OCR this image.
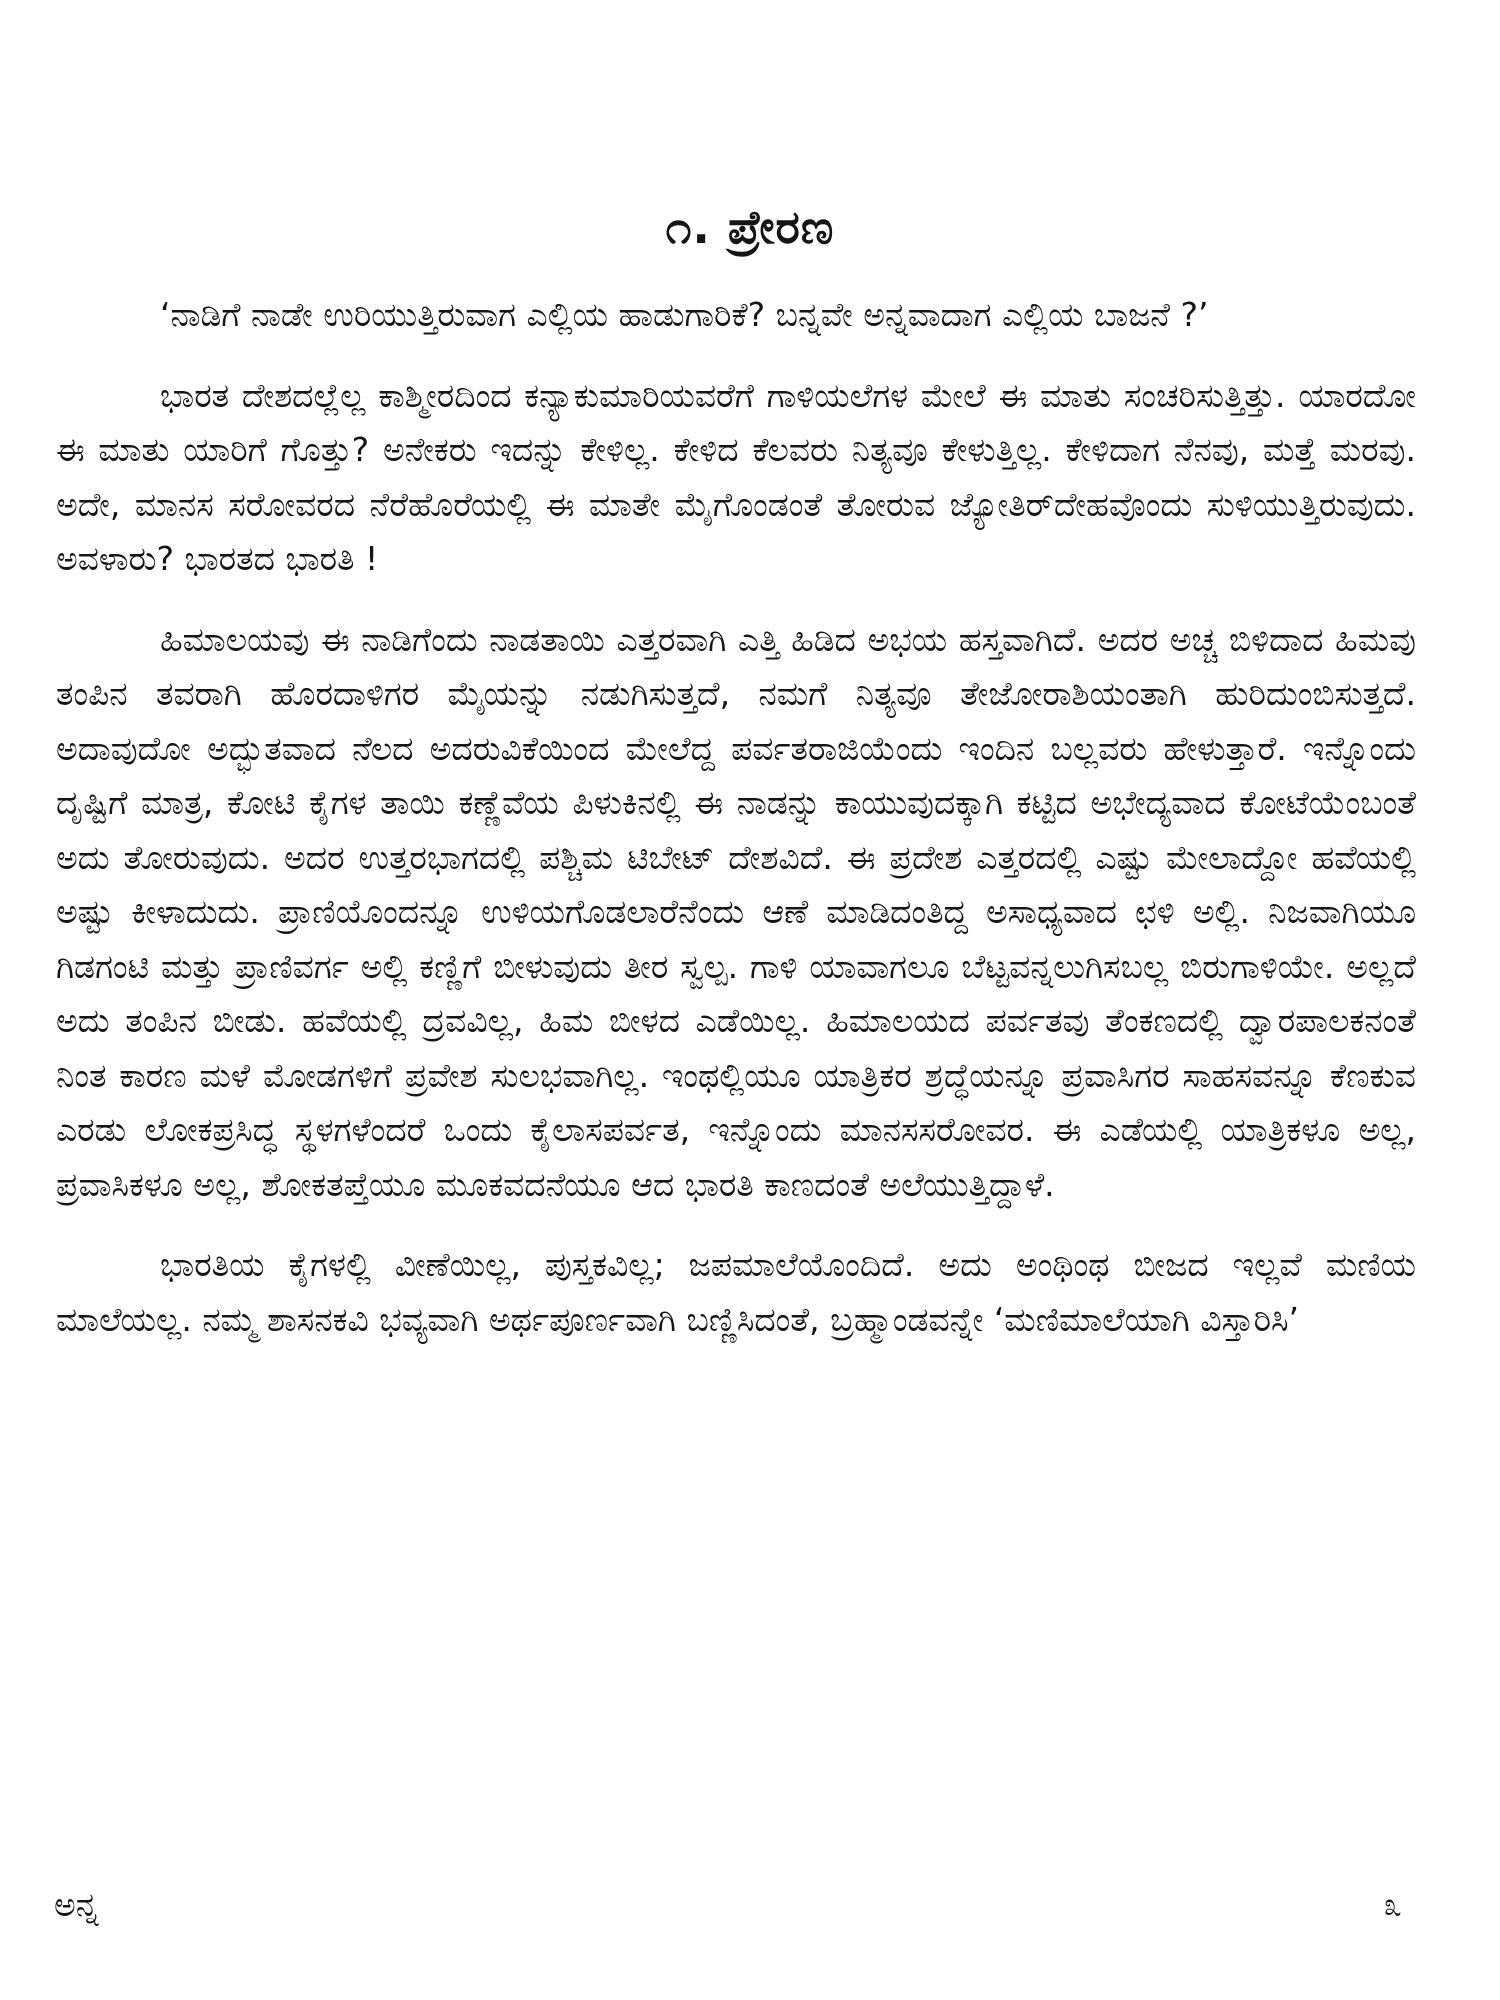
೧. ಪ್ರೇರಣ

‘ನಾಡಿಗೆ ನಾಡೇ ಉರಿಯುತ್ತಿರುವಾಗ ಎಲ್ಲಿಯ ಹಾಡುಗಾರಿಕೆ? ಬನ್ನವೇ ಅನ್ನವಾದಾಗ ಎಲ್ಲಿಯ ಬಾಜನೆ ?’

ಭಾರತ ದೇಶದಲ್ಲೆಲ್ಲ ಕಾಶ್ಮೀರದಿಂದ ಕನ್ಯಾಕುಮಾರಿಯವರೆಗೆ ಗಾಳಿಯಲೆಗಳ ಮೇಲೆ ಈ ಮಾತು ಸಂಚರಿಸುತ್ತಿತ್ತು. ಯಾರದೋ ಈ ಮಾತು ಯಾರಿಗೆ ಗೊತ್ತು? ಅನೇಕರು ಇದನ್ನು ಕೇಳಿಲ್ಲ. ಕೇಳಿದ ಕೆಲವರು ನಿತ್ಯವೂ ಕೇಳುತ್ತಿಲ್ಲ. ಕೇಳಿದಾಗ ನೆನವು, ಮತ್ತೆ ಮರವು. ಅದೇ, ಮಾನಸ ಸರೋವರದ ನೆರೆಹೊರೆಯಲ್ಲಿ ಈ ಮಾತೇ ಮೈಗೊಂಡಂತೆ ತೋರುವ ಜ್ಯೋತಿರ್‌ದೇಹವೊಂದು ಸುಳಿಯುತ್ತಿರುವುದು. ಅವಳಾರು? ಭಾರತದ ಭಾರತಿ !

ಹಿಮಾಲಯವು ಈ ನಾಡಿಗೆಂದು ನಾಡತಾಯಿ ಎತ್ತರವಾಗಿ ಎತ್ತಿ ಹಿಡಿದ ಅಭಯ ಹಸ್ತವಾಗಿದೆ. ಅದರ ಅಚ್ಚ ಬಿಳಿದಾದ ಹಿಮವು ತಂಪಿನ ತವರಾಗಿ ಹೊರದಾಳಿಗರ ಮೈಯನ್ನು ನಡುಗಿಸುತ್ತದೆ, ನಮಗೆ ನಿತ್ಯವೂ ತೇಜೋರಾಶಿಯಂತಾಗಿ ಹುರಿದುಂಬಿಸುತ್ತದೆ. ಅದಾವುದೋ ಅದ್ಭುತವಾದ ನೆಲದ ಅದರುವಿಕೆಯಿಂದ ಮೇಲೆದ್ದ ಪರ್ವತರಾಜಿಯೆಂದು ಇಂದಿನ ಬಲ್ಲವರು ಹೇಳುತ್ತಾರೆ. ಇನ್ನೊಂದು ದೃಷ್ಟಿಗೆ ಮಾತ್ರ, ಕೋಟಿ ಕೈಗಳ ತಾಯಿ ಕಣ್ಣೆವೆಯ ಪಿಳುಕಿನಲ್ಲಿ ಈ ನಾಡನ್ನು ಕಾಯುವುದಕ್ಕಾಗಿ ಕಟ್ಟಿದ ಅಭೇದ್ಯವಾದ ಕೋಟೆಯೆಂಬಂತೆ ಅದು ತೋರುವುದು. ಅದರ ಉತ್ತರಭಾಗದಲ್ಲಿ ಪಶ್ಚಿಮ ಟಿಬೇಟ್ ದೇಶವಿದೆ. ಈ ಪ್ರದೇಶ ಎತ್ತರದಲ್ಲಿ ಎಷ್ಟು ಮೇಲಾದ್ದೋ ಹವೆಯಲ್ಲಿ ಅಷ್ಟು ಕೀಳಾದುದು. ಪ್ರಾಣಿಯೊಂದನ್ನೂ ಉಳಿಯಗೊಡಲಾರೆನೆಂದು ಆಣೆ ಮಾಡಿದಂತಿದ್ದ ಅಸಾಧ್ಯವಾದ ಛಳಿ ಅಲ್ಲಿ. ನಿಜವಾಗಿಯೂ ಗಿಡಗಂಟಿ ಮತ್ತು ಪ್ರಾಣಿವರ್ಗ ಅಲ್ಲಿ ಕಣ್ಣಿಗೆ ಬೀಳುವುದು ತೀರ ಸ್ವಲ್ಪ. ಗಾಳಿ ಯಾವಾಗಲೂ ಬೆಟ್ಟವನ್ನಲುಗಿಸಬಲ್ಲ ಬಿರುಗಾಳಿಯೇ. ಅಲ್ಲದೆ ಅದು ತಂಪಿನ ಬೀಡು. ಹವೆಯಲ್ಲಿ ದ್ರವವಿಲ್ಲ, ಹಿಮ ಬೀಳದ ಎಡೆಯಿಲ್ಲ. ಹಿಮಾಲಯದ ಪರ್ವತವು ತೆಂಕಣದಲ್ಲಿ ದ್ವಾರಪಾಲಕನಂತೆ ನಿಂತ ಕಾರಣ ಮಳೆ ಮೋಡಗಳಿಗೆ ಪ್ರವೇಶ ಸುಲಭವಾಗಿಲ್ಲ. ಇಂಥಲ್ಲಿಯೂ ಯಾತ್ರಿಕರ ಶ್ರದ್ಧೆಯನ್ನೂ ಪ್ರವಾಸಿಗರ ಸಾಹಸವನ್ನೂ ಕೆಣಕುವ ಎರಡು ಲೋಕಪ್ರಸಿದ್ಧ ಸ್ಥಳಗಳೆಂದರೆ ಒಂದು ಕೈಲಾಸಪರ್ವತ, ಇನ್ನೊಂದು ಮಾನಸಸರೋವರ. ಈ ಎಡೆಯಲ್ಲಿ ಯಾತ್ರಿಕಳೂ ಅಲ್ಲ, ಪ್ರವಾಸಿಕಳೂ ಅಲ್ಲ, ಶೋಕತಪ್ತೆಯೂ ಮೂಕವದನೆಯೂ ಆದ ಭಾರತಿ ಕಾಣದಂತೆ ಅಲೆಯುತ್ತಿದ್ದಾಳೆ.

ಭಾರತಿಯ ಕೈಗಳಲ್ಲಿ ವೀಣೆಯಿಲ್ಲ, ಪುಸ್ತಕವಿಲ್ಲ; ಜಪಮಾಲೆಯೊಂದಿದೆ. ಅದು ಅಂಥಿಂಥ ಬೀಜದ ಇಲ್ಲವೆ ಮಣಿಯ ಮಾಲೆಯಲ್ಲ. ನಮ್ಮ ಶಾಸನಕವಿ ಭವ್ಯವಾಗಿ ಅರ್ಥಪೂರ್ಣವಾಗಿ ಬಣ್ಣಿಸಿದಂತೆ, ಬ್ರಹ್ಮಾಂಡವನ್ನೇ ‘ಮಣಿಮಾಲೆಯಾಗಿ ವಿಸ್ತಾರಿಸಿ’

ಅನ್ನ	೩
